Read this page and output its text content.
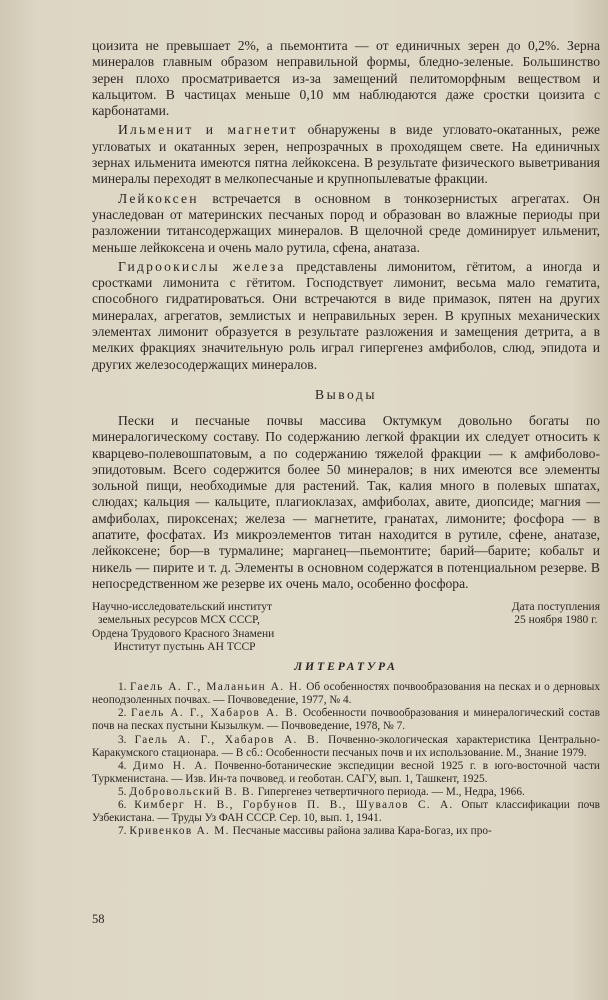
цоизита не превышает 2%, а пьемонтита — от единичных зерен до 0,2%. Зерна минералов главным образом неправильной формы, бледно-зеленые. Большинство зерен плохо просматривается из-за замещений пелитоморфным веществом и кальцитом. В частицах меньше 0,10 мм наблюдаются даже сростки цоизита с карбонатами.

Ильменит и магнетит обнаружены в виде угловато-окатанных, реже угловатых и окатанных зерен, непрозрачных в проходящем свете. На единичных зернах ильменита имеются пятна лейкоксена. В результате физического выветривания минералы переходят в мелкопесчаные и крупнопылеватые фракции.

Лейкоксен встречается в основном в тонкозернистых агрегатах. Он унаследован от материнских песчаных пород и образован во влажные периоды при разложении титансодержащих минералов. В щелочной среде доминирует ильменит, меньше лейкоксена и очень мало рутила, сфена, анатаза.

Гидроокислы железа представлены лимонитом, гётитом, а иногда и сростками лимонита с гётитом. Господствует лимонит, весьма мало гематита, способного гидратироваться. Они встречаются в виде примазок, пятен на других минералах, агрегатов, землистых и неправильных зерен. В крупных механических элементах лимонит образуется в результате разложения и замещения детрита, а в мелких фракциях значительную роль играл гипергенез амфиболов, слюд, эпидота и других железосодержащих минералов.

Выводы

Пески и песчаные почвы массива Октумкум довольно богаты по минералогическому составу. По содержанию легкой фракции их следует относить к кварцево-полевошпатовым, а по содержанию тяжелой фракции — к амфиболово-эпидотовым. Всего содержится более 50 минералов; в них имеются все элементы зольной пищи, необходимые для растений. Так, калия много в полевых шпатах, слюдах; кальция — кальците, плагиоклазах, амфиболах, авите, диопсиде; магния —амфиболах, пироксенах; железа — магнетите, гранатах, лимоните; фосфора — в апатите, фосфатах. Из микроэлементов титан находится в рутиле, сфене, анатазе, лейкоксене; бор—в турмалине; марганец—пьемонтите; барий—барите; кобальт и никель — пирите и т. д. Элементы в основном содержатся в потенциальном резерве. В непосредственном же резерве их очень мало, особенно фосфора.

Научно-исследовательский институт
земельных ресурсов МСХ СССР,
Ордена Трудового Красного Знамени
Институт пустынь АН ТССР
Дата поступления
25 ноября 1980 г.
ЛИТЕРАТУРА

1. Гаель А. Г., Маланьин А. Н. Об особенностях почвообразования на песках и о дерновых неоподзоленных почвах. — Почвоведение, 1977, № 4.

2. Гаель А. Г., Хабаров А. В. Особенности почвообразования и минералогический состав почв на песках пустыни Кызылкум. — Почвоведение, 1978, № 7.

3. Гаель А. Г., Хабаров А. В. Почвенно-экологическая характеристика Центрально-Каракумского стационара. — В сб.: Особенности песчаных почв и их использование. М., Знание 1979.

4. Димо Н. А. Почвенно-ботанические экспедиции весной 1925 г. в юго-восточной части Туркменистана. — Изв. Ин-та почвовед. и геоботан. САГУ, вып. 1, Ташкент, 1925.

5. Добровольский В. В. Гипергенез четвертичного периода. — М., Недра, 1966.

6. Кимберг Н. В., Горбунов П. В., Шувалов С. А. Опыт классификации почв Узбекистана. — Труды Уз ФАН СССР. Сер. 10, вып. 1, 1941.

7. Кривенков А. М. Песчаные массивы района залива Кара-Богаз, их про-

58
